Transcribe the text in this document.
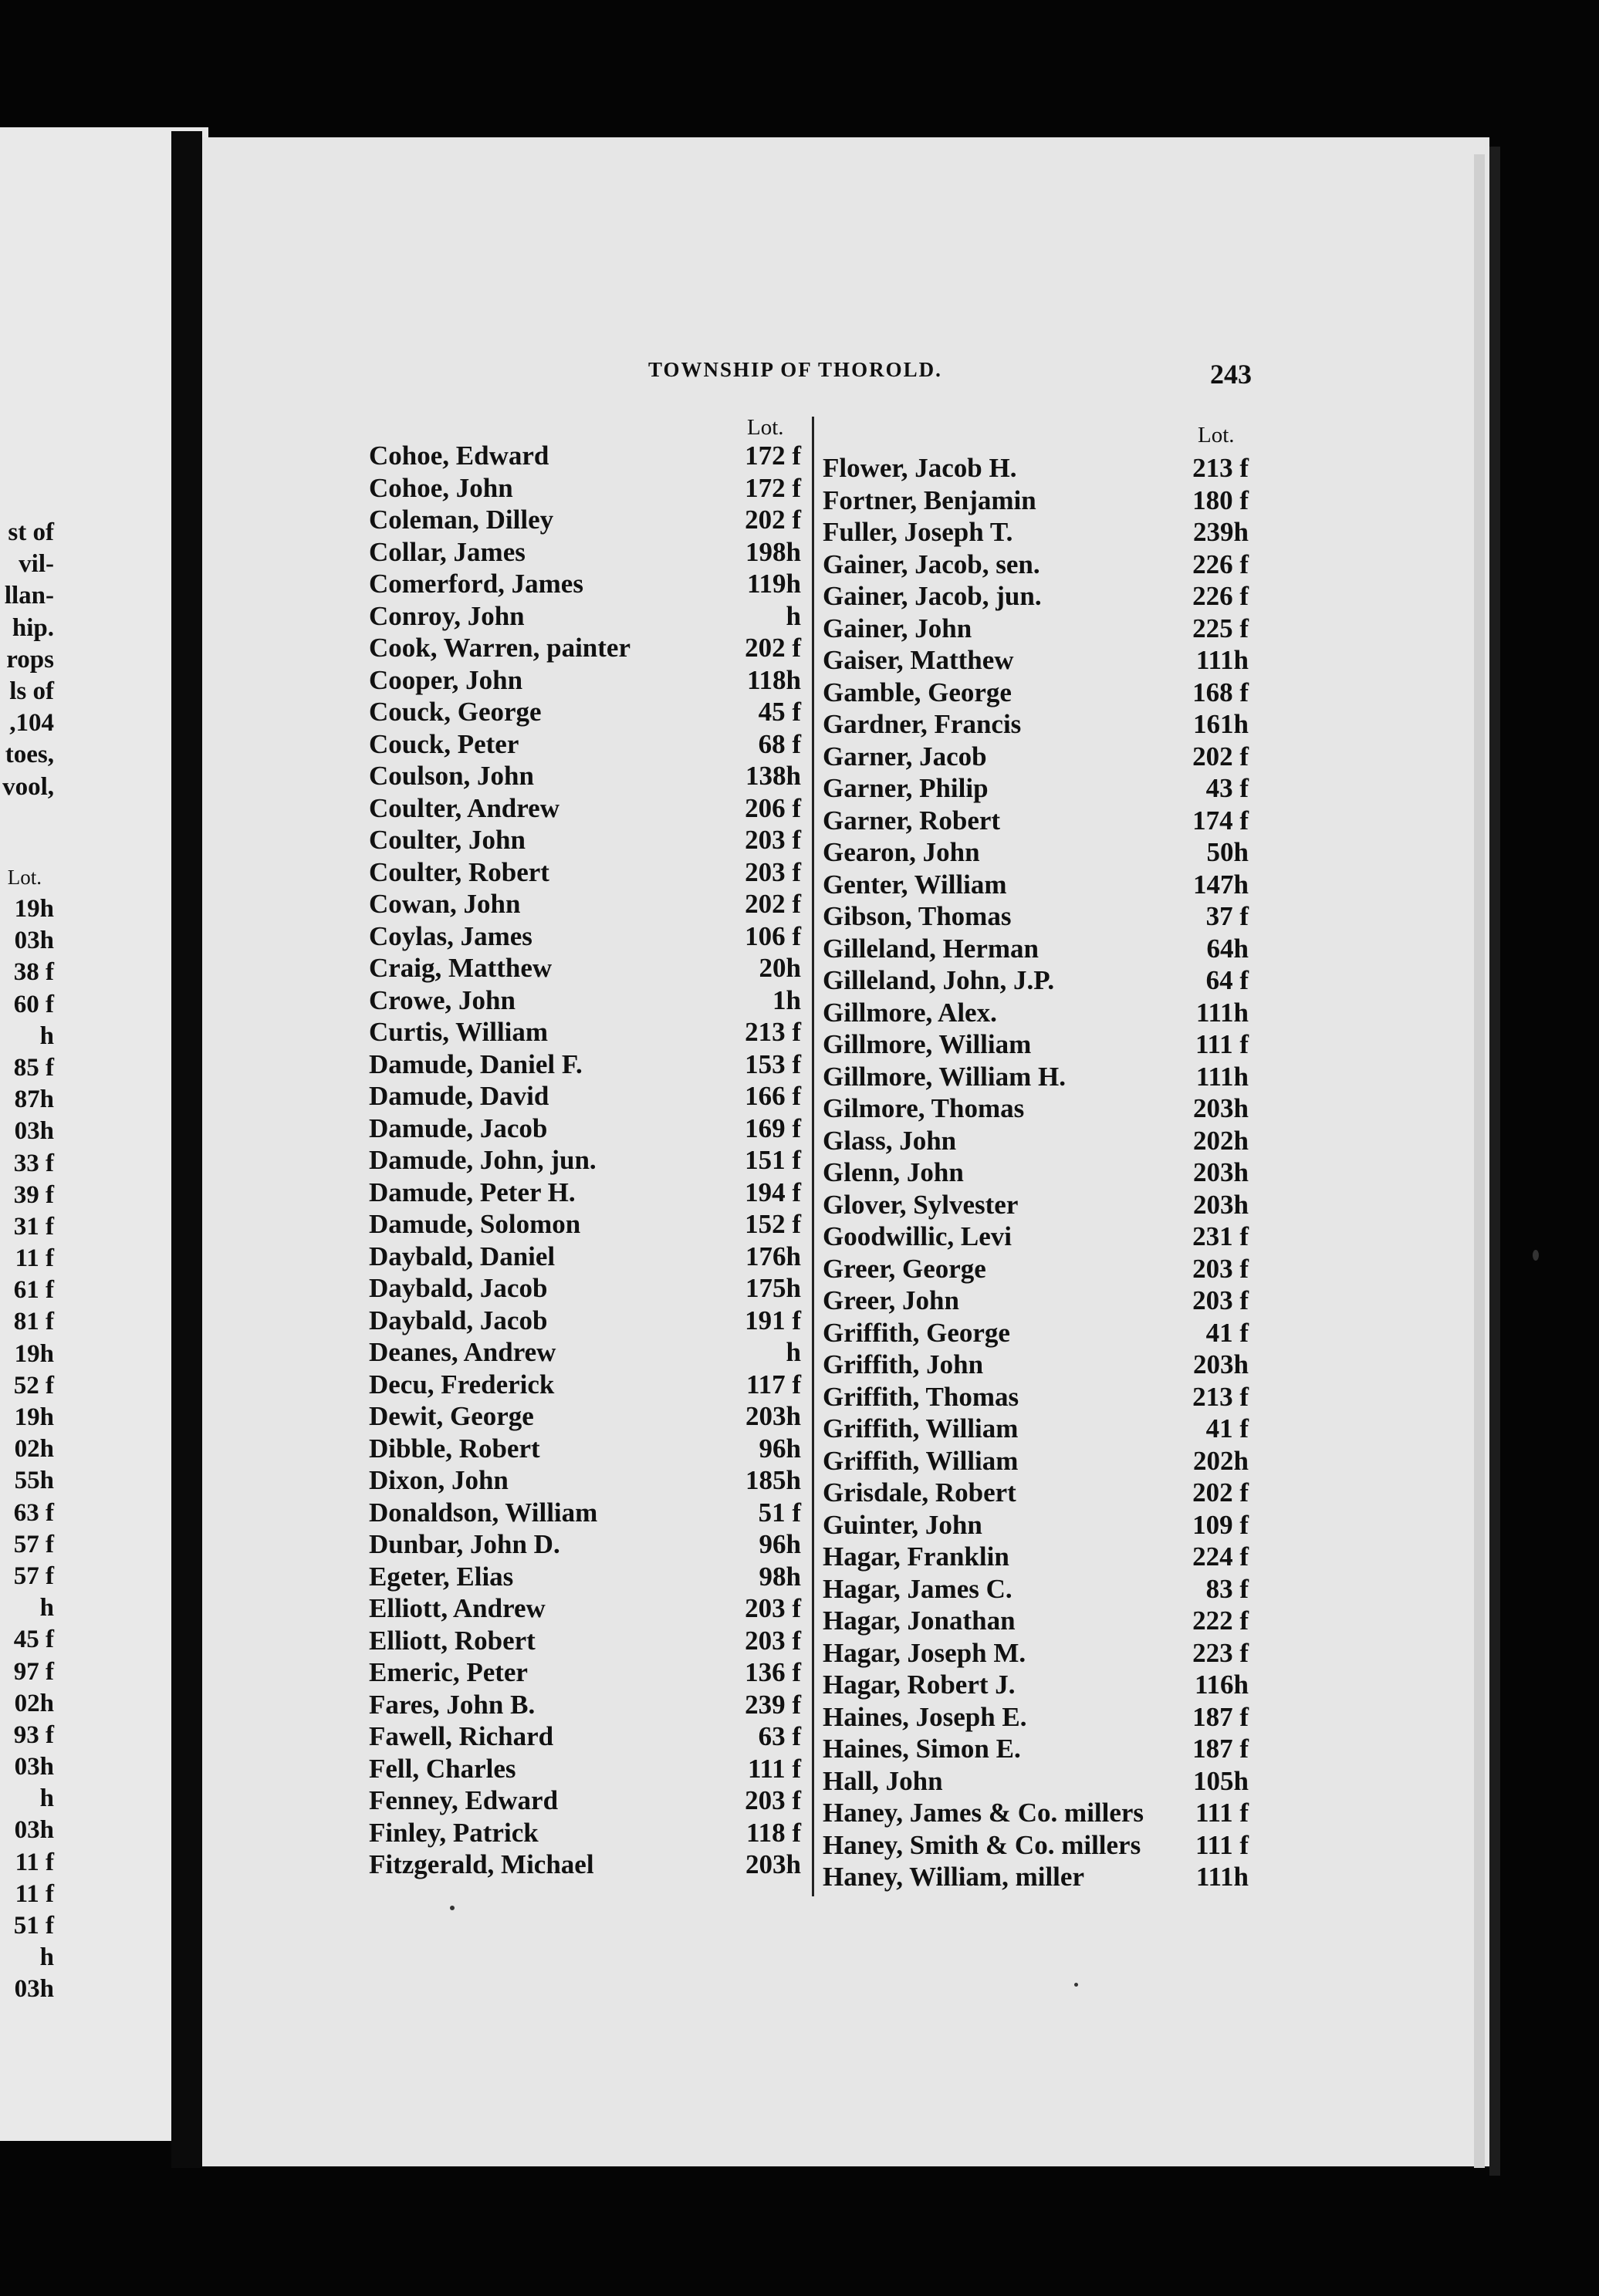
st of
vil-
llan-
hip.
rops
ls of
,104
toes,
vool,
Lot.
19h
03h
38 f
60 f
h
85 f
87h
03h
33 f
39 f
31 f
11 f
61 f
81 f
19h
52 f
19h
02h
55h
63 f
57 f
57 f
h
45 f
97 f
02h
93 f
03h
h
03h
11 f
11 f
51 f
h
03h
TOWNSHIP OF THOROLD.	243
Lot.	Lot.
Cohoe, Edward	172 f
Cohoe, John	172 f
Coleman, Dilley	202 f
Collar, James	198h
Comerford, James	119h
Conroy, John	h
Cook, Warren, painter	202 f
Cooper, John	118h
Couck, George	45 f
Couck, Peter	68 f
Coulson, John	138h
Coulter, Andrew	206 f
Coulter, John	203 f
Coulter, Robert	203 f
Cowan, John	202 f
Coylas, James	106 f
Craig, Matthew	20h
Crowe, John	1h
Curtis, William	213 f
Damude, Daniel F.	153 f
Damude, David	166 f
Damude, Jacob	169 f
Damude, John, jun.	151 f
Damude, Peter H.	194 f
Damude, Solomon	152 f
Daybald, Daniel	176h
Daybald, Jacob	175h
Daybald, Jacob	191 f
Deanes, Andrew	h
Decu, Frederick	117 f
Dewit, George	203h
Dibble, Robert	96h
Dixon, John	185h
Donaldson, William	51 f
Dunbar, John D.	96h
Egeter, Elias	98h
Elliott, Andrew	203 f
Elliott, Robert	203 f
Emeric, Peter	136 f
Fares, John B.	239 f
Fawell, Richard	63 f
Fell, Charles	111 f
Fenney, Edward	203 f
Finley, Patrick	118 f
Fitzgerald, Michael	203h
Flower, Jacob H.	213 f
Fortner, Benjamin	180 f
Fuller, Joseph T.	239h
Gainer, Jacob, sen.	226 f
Gainer, Jacob, jun.	226 f
Gainer, John	225 f
Gaiser, Matthew	111h
Gamble, George	168 f
Gardner, Francis	161h
Garner, Jacob	202 f
Garner, Philip	43 f
Garner, Robert	174 f
Gearon, John	50h
Genter, William	147h
Gibson, Thomas	37 f
Gilleland, Herman	64h
Gilleland, John, J.P.	64 f
Gillmore, Alex.	111h
Gillmore, William	111 f
Gillmore, William H.	111h
Gilmore, Thomas	203h
Glass, John	202h
Glenn, John	203h
Glover, Sylvester	203h
Goodwillic, Levi	231 f
Greer, George	203 f
Greer, John	203 f
Griffith, George	41 f
Griffith, John	203h
Griffith, Thomas	213 f
Griffith, William	41 f
Griffith, William	202h
Grisdale, Robert	202 f
Guinter, John	109 f
Hagar, Franklin	224 f
Hagar, James C.	83 f
Hagar, Jonathan	222 f
Hagar, Joseph M.	223 f
Hagar, Robert J.	116h
Haines, Joseph E.	187 f
Haines, Simon E.	187 f
Hall, John	105h
Haney, James & Co. millers 111 f
Haney, Smith & Co. millers 111 f
Haney, William, miller	111h
